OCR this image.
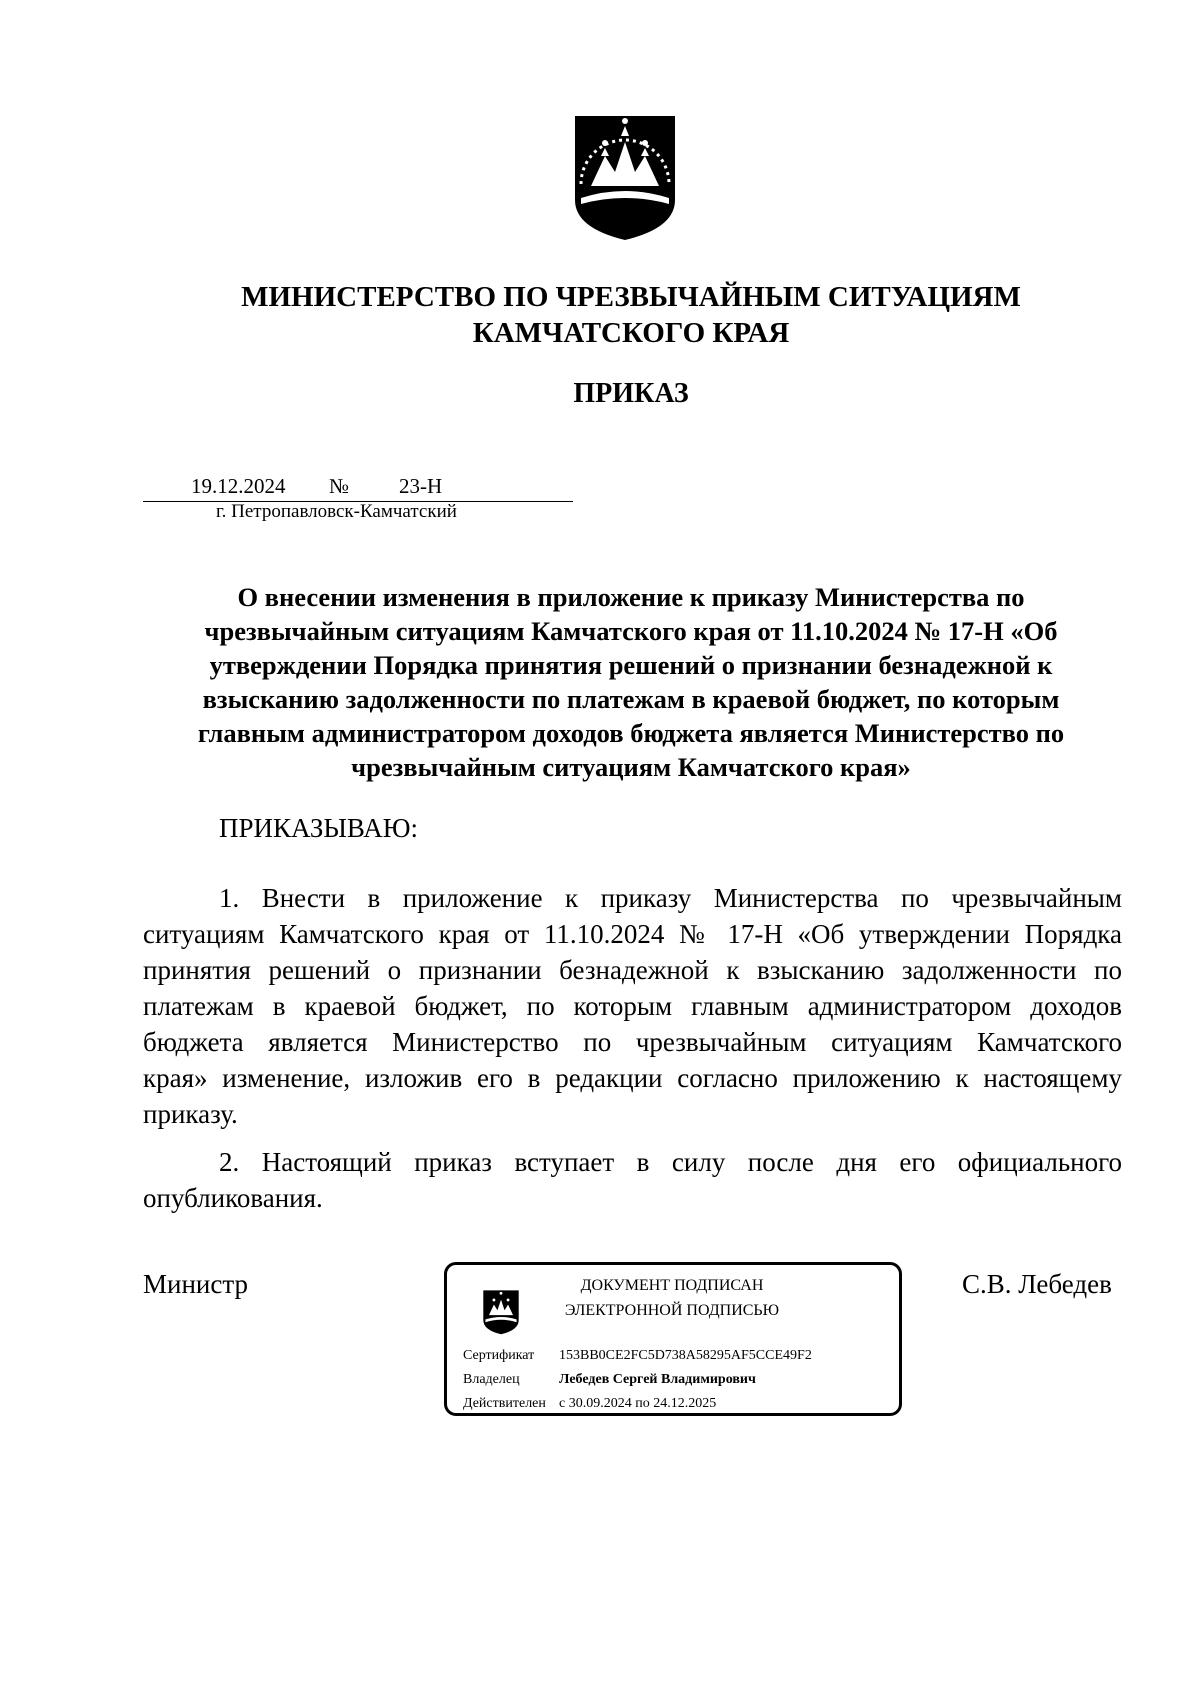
МИНИСТЕРСТВО ПО ЧРЕЗВЫЧАЙНЫМ СИТУАЦИЯМ
КАМЧАТСКОГО КРАЯ
ПРИКАЗ
19.12.2024 № 23-Н
г. Петропавловск-Камчатский
О внесении изменения в приложение к приказу Министерства по
чрезвычайным ситуациям Камчатского края от 11.10.2024 № 17-Н «Об
утверждении Порядка принятия решений о признании безнадежной к
взысканию задолженности по платежам в краевой бюджет, по которым
главным администратором доходов бюджета является Министерство по
чрезвычайным ситуациям Камчатского края»
ПРИКАЗЫВАЮ:
1. Внести в приложение к приказу Министерства по чрезвычайным
ситуациям Камчатского края от 11.10.2024 № 17-Н «Об утверждении Порядка
принятия решений о признании безнадежной к взысканию задолженности по
платежам в краевой бюджет, по которым главным администратором доходов
бюджета является Министерство по чрезвычайным ситуациям Камчатского
края» изменение, изложив его в редакции согласно приложению к настоящему
приказу.
2. Настоящий приказ вступает в силу после дня его официального
опубликования.
Министр	С.В. Лебедев
ДОКУМЕНТ ПОДПИСАН
ЭЛЕКТРОННОЙ ПОДПИСЬЮ
Сертификат 153BB0CE2FC5D738A58295AF5CCE49F2
Владелец	Лебедев Сергей Владимирович
Действителен с 30.09.2024 по 24.12.2025
